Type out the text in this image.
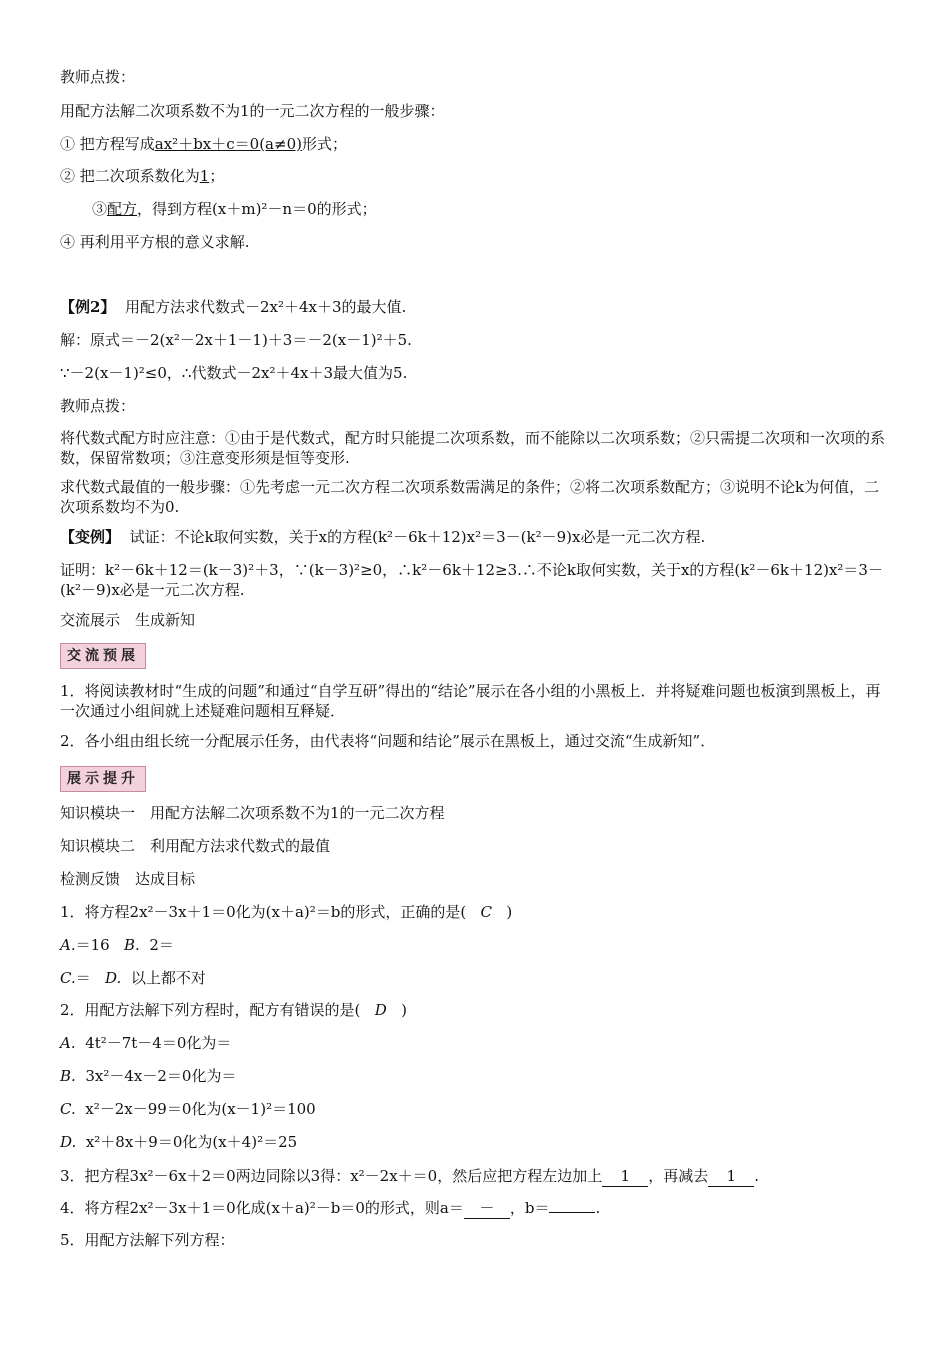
教师点拨：
用配方法解二次项系数不为1的一元二次方程的一般步骤：
① 把方程写成ax²＋bx＋c＝0(a≠0)形式；
② 把二次项系数化为1；
③配方，得到方程(x＋m)²－n＝0的形式；
④ 再利用平方根的意义求解.
【例2】 用配方法求代数式－2x²＋4x＋3的最大值.
解：原式＝－2(x²－2x＋1－1)＋3＝－2(x－1)²＋5.
∵－2(x－1)²≤0，∴代数式－2x²＋4x＋3最大值为5.
教师点拨：
将代数式配方时应注意：①由于是代数式，配方时只能提二次项系数，而不能除以二次项系数；②只需提二次项和一次项的系数，保留常数项；③注意变形须是恒等变形.
求代数式最值的一般步骤：①先考虑一元二次方程二次项系数需满足的条件；②将二次项系数配方；③说明不论k为何值，二次项系数均不为0.
【变例】 试证：不论k取何实数，关于x的方程(k²－6k＋12)x²＝3－(k²－9)x必是一元二次方程.
证明：k²－6k＋12＝(k－3)²＋3，∵(k－3)²≥0，∴k²－6k＋12≥3.∴不论k取何实数，关于x的方程(k²－6k＋12)x²＝3－(k²－9)x必是一元二次方程.
交流展示　生成新知
交流预展
1．将阅读教材时“生成的问题”和通过“自学互研”得出的“结论”展示在各小组的小黑板上．并将疑难问题也板演到黑板上，再一次通过小组间就上述疑难问题相互释疑．
2．各小组由组长统一分配展示任务，由代表将“问题和结论”展示在黑板上，通过交流“生成新知”．
展示提升
知识模块一　用配方法解二次项系数不为1的一元二次方程
知识模块二　利用配方法求代数式的最值
检测反馈　达成目标
1．将方程2x²－3x＋1＝0化为(x＋a)²＝b的形式，正确的是( C )
A.＝16 B. 2＝
C.＝ D. 以上都不对
2．用配方法解下列方程时，配方有错误的是( D )
A. 4t²－7t－4＝0化为＝
B. 3x²－4x－2＝0化为＝
C. x²－2x－99＝0化为(x－1)²＝100
D. x²＋8x＋9＝0化为(x＋4)²＝25
3．把方程3x²－6x＋2＝0两边同除以3得：x²－2x＋＝0，然后应把方程左边加上 1 ，再减去 1 .
4．将方程2x²－3x＋1＝0化成(x＋a)²－b＝0的形式，则a＝ － ，b＝	.
5．用配方法解下列方程：
